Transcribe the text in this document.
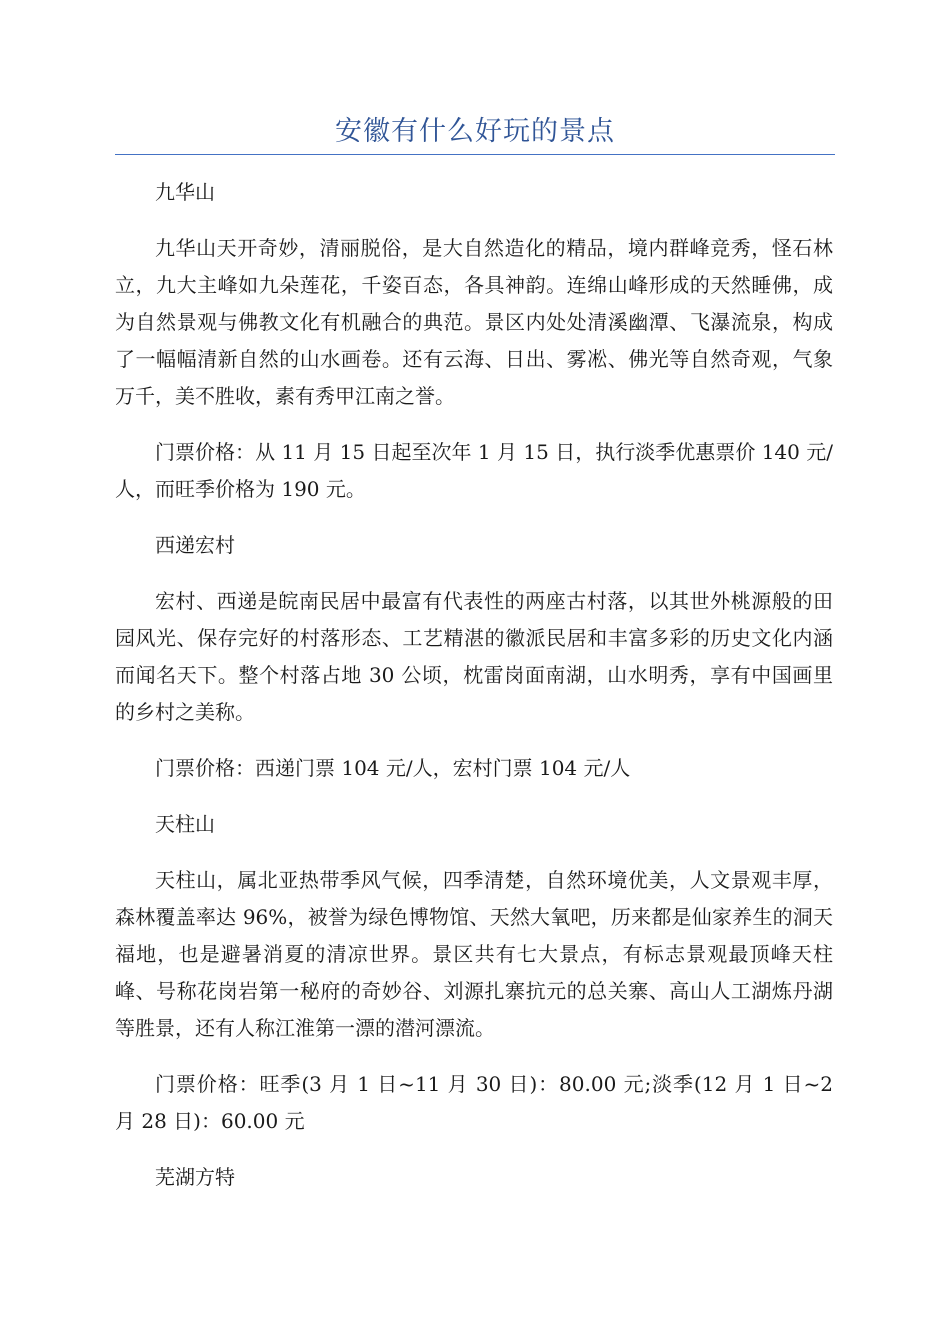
安徽有什么好玩的景点

九华山

九华山天开奇妙，清丽脱俗，是大自然造化的精品，境内群峰竞秀，怪石林立，九大主峰如九朵莲花，千姿百态，各具神韵。连绵山峰形成的天然睡佛，成为自然景观与佛教文化有机融合的典范。景区内处处清溪幽潭、飞瀑流泉，构成了一幅幅清新自然的山水画卷。还有云海、日出、雾凇、佛光等自然奇观，气象万千，美不胜收，素有秀甲江南之誉。

门票价格：从 11 月 15 日起至次年 1 月 15 日，执行淡季优惠票价 140 元/人，而旺季价格为 190 元。

西递宏村

宏村、西递是皖南民居中最富有代表性的两座古村落，以其世外桃源般的田园风光、保存完好的村落形态、工艺精湛的徽派民居和丰富多彩的历史文化内涵而闻名天下。整个村落占地 30 公顷，枕雷岗面南湖，山水明秀，享有中国画里的乡村之美称。

门票价格：西递门票 104 元/人，宏村门票 104 元/人

天柱山

天柱山，属北亚热带季风气候，四季清楚，自然环境优美，人文景观丰厚，森林覆盖率达 96%，被誉为绿色博物馆、天然大氧吧，历来都是仙家养生的洞天福地，也是避暑消夏的清凉世界。景区共有七大景点，有标志景观最顶峰天柱峰、号称花岗岩第一秘府的奇妙谷、刘源扎寨抗元的总关寨、高山人工湖炼丹湖等胜景，还有人称江淮第一漂的潜河漂流。

门票价格：旺季(3 月 1 日~11 月 30 日)：80.00 元;淡季(12 月 1 日~2 月 28 日)：60.00 元

芜湖方特
